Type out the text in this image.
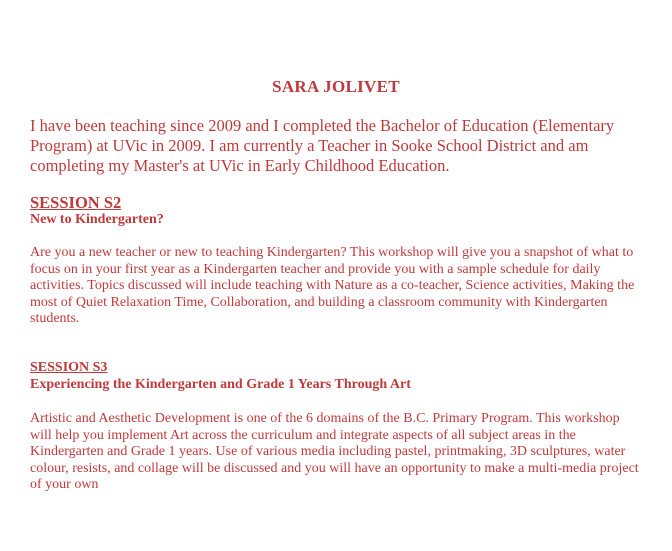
SARA JOLIVET
I have been teaching since 2009 and I completed the Bachelor of Education (Elementary Program) at UVic in 2009. I am currently a Teacher in Sooke School District and am completing my Master's at UVic in Early Childhood Education.
SESSION S2
New to Kindergarten?
Are you a new teacher or new to teaching Kindergarten? This workshop will give you a snapshot of what to focus on in your first year as a Kindergarten teacher and provide you with a sample schedule for daily activities. Topics discussed will include teaching with Nature as a co-teacher, Science activities, Making the most of Quiet Relaxation Time, Collaboration, and building a classroom community with Kindergarten students.
SESSION S3
Experiencing the Kindergarten and Grade 1 Years Through Art
Artistic and Aesthetic Development is one of the 6 domains of the B.C. Primary Program. This workshop will help you implement Art across the curriculum and integrate aspects of all subject areas in the Kindergarten and Grade 1 years. Use of various media including pastel, printmaking, 3D sculptures, water colour, resists, and collage will be discussed and you will have an opportunity to make a multi-media project of your own
